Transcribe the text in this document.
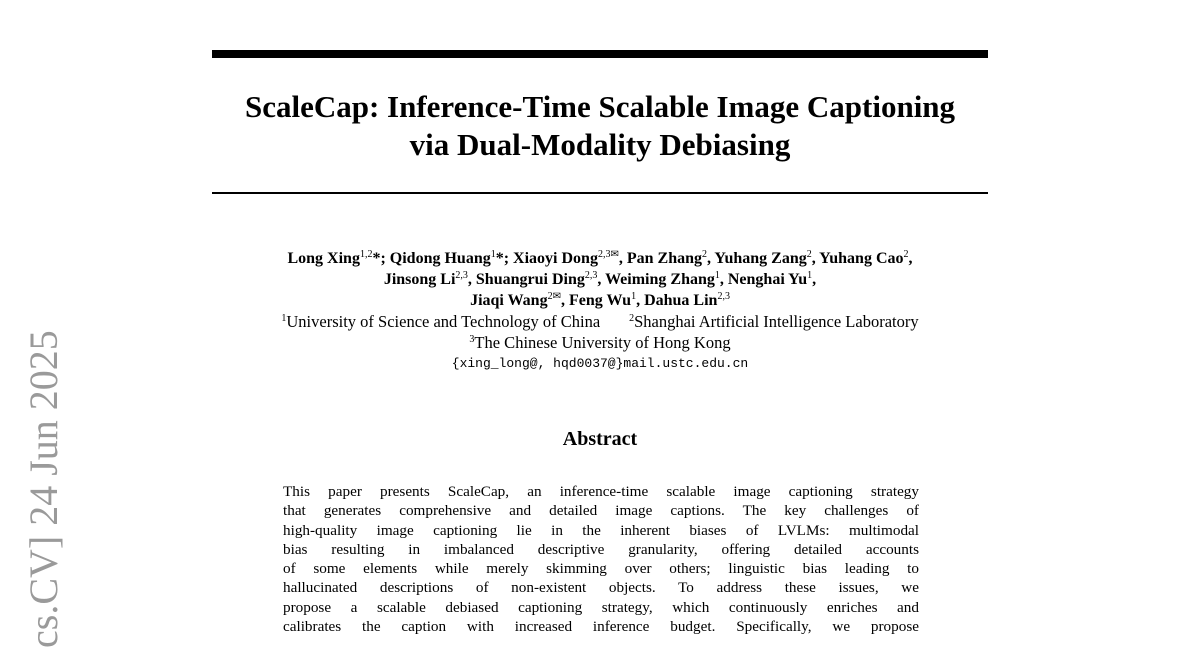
ScaleCap: Inference-Time Scalable Image Captioning
via Dual-Modality Debiasing
Long Xing$^{1,2}$*; Qidong Huang$^1$*; Xiaoyi Dong$^{2,3✉}$, Pan Zhang$^2$, Yuhang Zang$^2$, Yuhang Cao$^2$,
Jinsong Li$^{2,3}$, Shuangrui Ding$^{2,3}$, Weiming Zhang$^1$, Nenghai Yu$^1$,
Jiaqi Wang$^{2✉}$, Feng Wu$^1$, Dahua Lin$^{2,3}$
$^1$University of Science and Technology of China	$^2$Shanghai Artificial Intelligence Laboratory
$^3$The Chinese University of Hong Kong
{xing_long@, hqd0037@}mail.ustc.edu.cn
Abstract
This paper presents ScaleCap, an inference-time scalable image captioning strategy
that generates comprehensive and detailed image captions. The key challenges of
high-quality image captioning lie in the inherent biases of LVLMs: multimodal
bias resulting in imbalanced descriptive granularity, offering detailed accounts
of some elements while merely skimming over others; linguistic bias leading to
hallucinated descriptions of non-existent objects. To address these issues, we
propose a scalable debiased captioning strategy, which continuously enriches and
calibrates the caption with increased inference budget. Specifically, we propose
cs.CV] 24 Jun 2025
